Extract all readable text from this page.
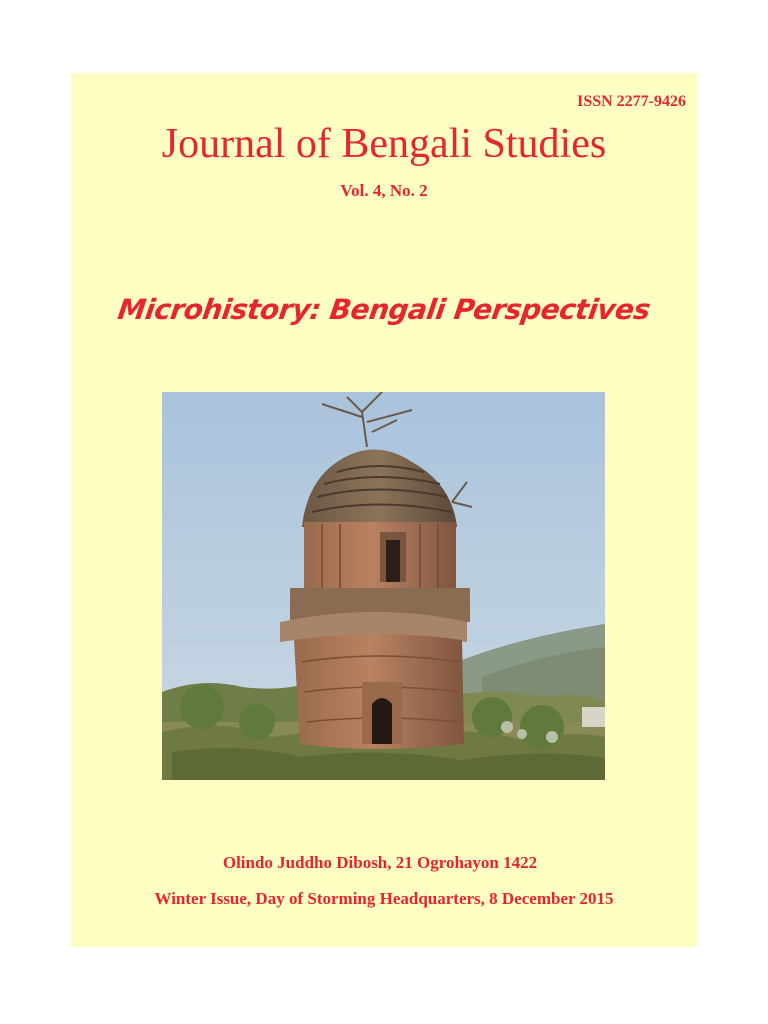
ISSN 2277-9426
Journal of Bengali Studies
Vol. 4, No. 2
Microhistory: Bengali Perspectives
Olindo Juddho Dibosh, 21 Ogrohayon 1422
Winter Issue, Day of Storming Headquarters, 8 December 2015
